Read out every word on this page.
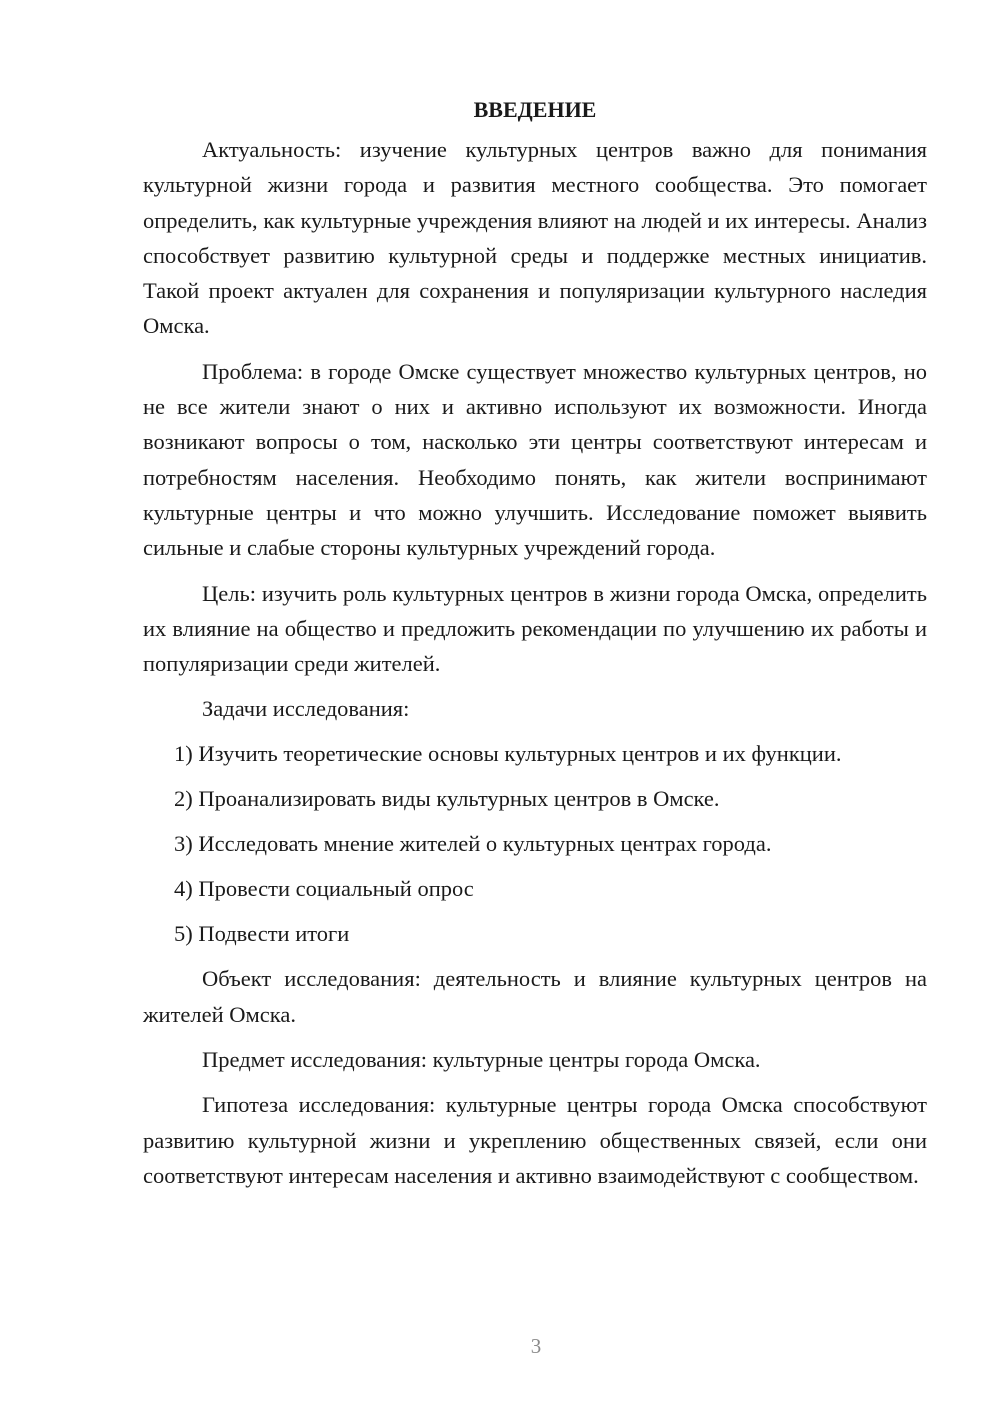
ВВЕДЕНИЕ

Актуальность: изучение культурных центров важно для понимания культурной жизни города и развития местного сообщества. Это помогает определить, как культурные учреждения влияют на людей и их интересы. Анализ способствует развитию культурной среды и поддержке местных инициатив. Такой проект актуален для сохранения и популяризации культурного наследия Омска.

Проблема: в городе Омске существует множество культурных центров, но не все жители знают о них и активно используют их возможности. Иногда возникают вопросы о том, насколько эти центры соответствуют интересам и потребностям населения. Необходимо понять, как жители воспринимают культурные центры и что можно улучшить. Исследование поможет выявить сильные и слабые стороны культурных учреждений города.

Цель: изучить роль культурных центров в жизни города Омска, определить их влияние на общество и предложить рекомендации по улучшению их работы и популяризации среди жителей.

Задачи исследования:

1) Изучить теоретические основы культурных центров и их функции.

2) Проанализировать виды культурных центров в Омске.

3) Исследовать мнение жителей о культурных центрах города.

4) Провести социальный опрос

5) Подвести итоги

Объект исследования: деятельность и влияние культурных центров на жителей Омска.

Предмет исследования: культурные центры города Омска.

Гипотеза исследования: культурные центры города Омска способствуют развитию культурной жизни и укреплению общественных связей, если они соответствуют интересам населения и активно взаимодействуют с сообществом.

3
